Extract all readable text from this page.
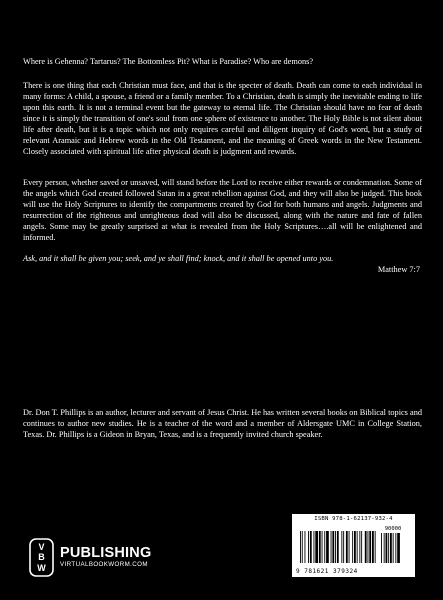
Where is Gehenna? Tartarus? The Bottomless Pit? What is Paradise? Who are demons?

There is one thing that each Christian must face, and that is the specter of death. Death can come to each individual in many forms: A child, a spouse, a friend or a family member. To a Christian, death is simply the inevitable ending to life upon this earth. It is not a terminal event but the gateway to eternal life. The Christian should have no fear of death since it is simply the transition of one's soul from one sphere of existence to another. The Holy Bible is not silent about life after death, but it is a topic which not only requires careful and diligent inquiry of God's word, but a study of relevant Aramaic and Hebrew words in the Old Testament, and the meaning of Greek words in the New Testament. Closely associated with spiritual life after physical death is judgment and rewards.

Every person, whether saved or unsaved, will stand before the Lord to receive either rewards or condemnation. Some of the angels which God created followed Satan in a great rebellion against God, and they will also be judged. This book will use the Holy Scriptures to identify the compartments created by God for both humans and angels. Judgments and resurrection of the righteous and unrighteous dead will also be discussed, along with the nature and fate of fallen angels. Some may be greatly surprised at what is revealed from the Holy Scriptures….all will be enlightened and informed.

Ask, and it shall be given you; seek, and ye shall find; knock, and it shall be opened unto you.

Matthew 7:7

Dr. Don T. Phillips is an author, lecturer and servant of Jesus Christ. He has written several books on Biblical topics and continues to author new studies. He is a teacher of the word and a member of Aldersgate UMC in College Station, Texas. Dr. Phillips is a Gideon in Bryan, Texas, and is a frequently invited church speaker.

V
B
W
PUBLISHING
VIRTUALBOOKWORM.COM
ISBN 978-1-62137-932-4
90000
9 781621 379324
